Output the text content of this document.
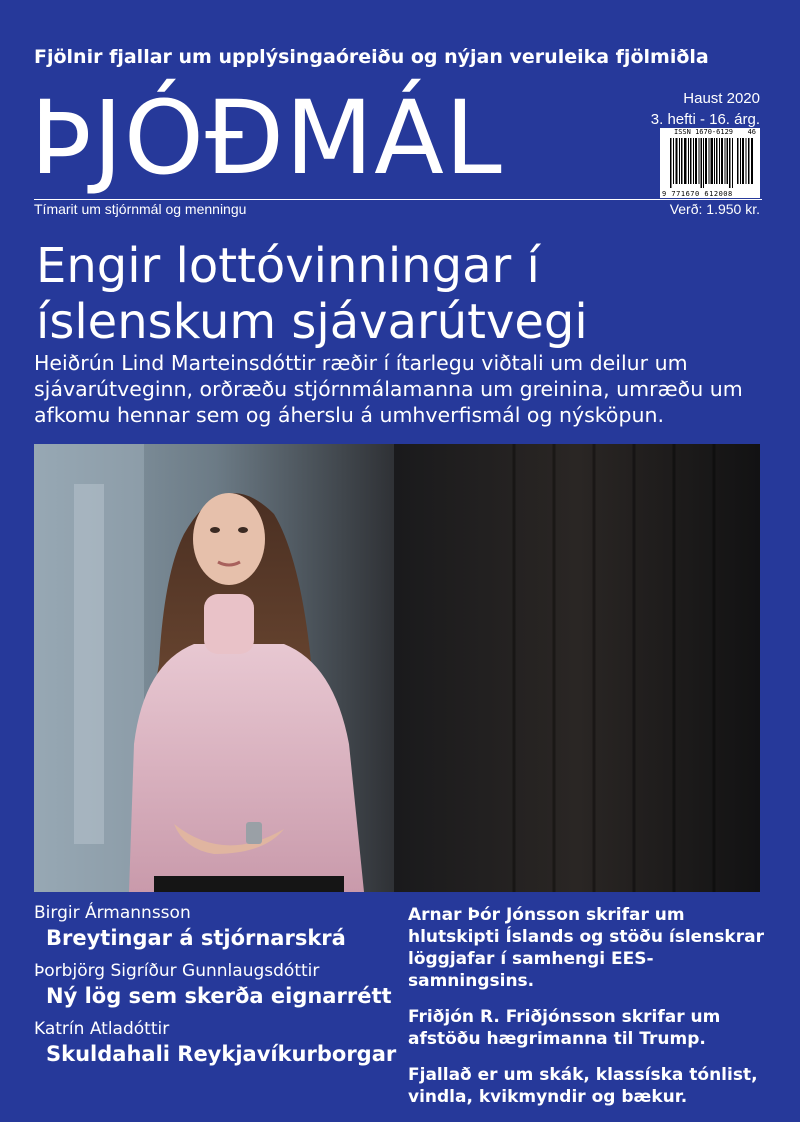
Fjölnir fjallar um upplýsingaóreiðu og nýjan veruleika fjölmiðla
ÞJÓÐMÁL	Haust 2020
3. hefti - 16. árg.
ISSN 1670-6129 46
9 771670 612008
Tímarit um stjórnmál og menningu	Verð: 1.950 kr.
Engir lottóvinningar í
íslenskum sjávarútvegi
Heiðrún Lind Marteinsdóttir ræðir í ítarlegu viðtali um deilur um sjávarútveginn, orðræðu stjórnmálamanna um greinina, umræðu um afkomu hennar sem og áherslu á umhverfismál og nýsköpun.
Birgir Ármannsson
Breytingar á stjórnarskrá
Þorbjörg Sigríður Gunnlaugsdóttir
Ný lög sem skerða eignarrétt
Katrín Atladóttir
Skuldahali Reykjavíkurborgar
Arnar Þór Jónsson skrifar um hlutskipti Íslands og stöðu íslenskrar löggjafar í samhengi EES-samningsins.
Friðjón R. Friðjónsson skrifar um afstöðu hægrimanna til Trump.
Fjallað er um skák, klassíska tónlist, vindla, kvikmyndir og bækur.
